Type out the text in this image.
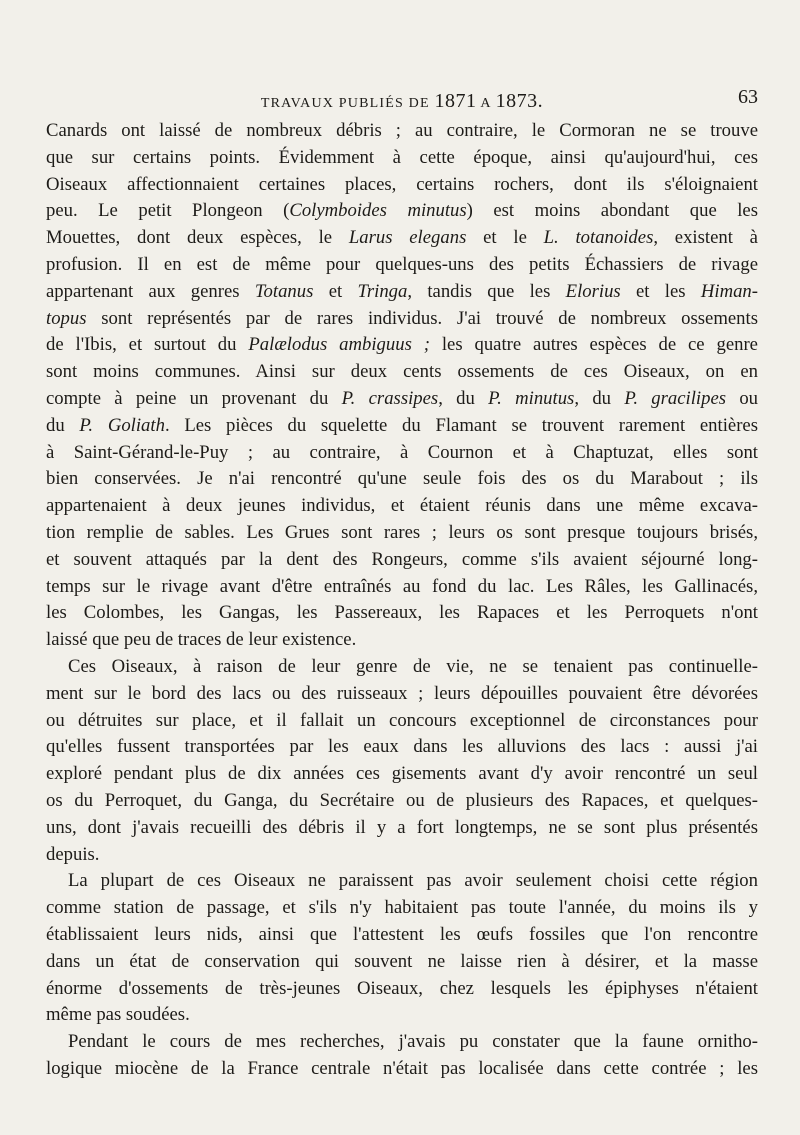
TRAVAUX PUBLIÉS DE 1871 A 1873.	63
Canards ont laissé de nombreux débris ; au contraire, le Cormoran ne se trouve
que sur certains points. Évidemment à cette époque, ainsi qu'aujourd'hui, ces
Oiseaux affectionnaient certaines places, certains rochers, dont ils s'éloignaient
peu. Le petit Plongeon (Colymboides minutus) est moins abondant que les
Mouettes, dont deux espèces, le Larus elegans et le L. totanoides, existent à
profusion. Il en est de même pour quelques-uns des petits Échassiers de rivage
appartenant aux genres Totanus et Tringa, tandis que les Elorius et les Himan-
topus sont représentés par de rares individus. J'ai trouvé de nombreux ossements
de l'Ibis, et surtout du Palælodus ambiguus ; les quatre autres espèces de ce genre
sont moins communes. Ainsi sur deux cents ossements de ces Oiseaux, on en
compte à peine un provenant du P. crassipes, du P. minutus, du P. gracilipes ou
du P. Goliath. Les pièces du squelette du Flamant se trouvent rarement entières
à Saint-Gérand-le-Puy ; au contraire, à Cournon et à Chaptuzat, elles sont
bien conservées. Je n'ai rencontré qu'une seule fois des os du Marabout ; ils
appartenaient à deux jeunes individus, et étaient réunis dans une même excava-
tion remplie de sables. Les Grues sont rares ; leurs os sont presque toujours brisés,
et souvent attaqués par la dent des Rongeurs, comme s'ils avaient séjourné long-
temps sur le rivage avant d'être entraînés au fond du lac. Les Râles, les Gallinacés,
les Colombes, les Gangas, les Passereaux, les Rapaces et les Perroquets n'ont
laissé que peu de traces de leur existence.
Ces Oiseaux, à raison de leur genre de vie, ne se tenaient pas continuelle-
ment sur le bord des lacs ou des ruisseaux ; leurs dépouilles pouvaient être dévorées
ou détruites sur place, et il fallait un concours exceptionnel de circonstances pour
qu'elles fussent transportées par les eaux dans les alluvions des lacs : aussi j'ai
exploré pendant plus de dix années ces gisements avant d'y avoir rencontré un seul
os du Perroquet, du Ganga, du Secrétaire ou de plusieurs des Rapaces, et quelques-
uns, dont j'avais recueilli des débris il y a fort longtemps, ne se sont plus présentés
depuis.
La plupart de ces Oiseaux ne paraissent pas avoir seulement choisi cette région
comme station de passage, et s'ils n'y habitaient pas toute l'année, du moins ils y
établissaient leurs nids, ainsi que l'attestent les œufs fossiles que l'on rencontre
dans un état de conservation qui souvent ne laisse rien à désirer, et la masse
énorme d'ossements de très-jeunes Oiseaux, chez lesquels les épiphyses n'étaient
même pas soudées.
Pendant le cours de mes recherches, j'avais pu constater que la faune ornitho-
logique miocène de la France centrale n'était pas localisée dans cette contrée ; les
